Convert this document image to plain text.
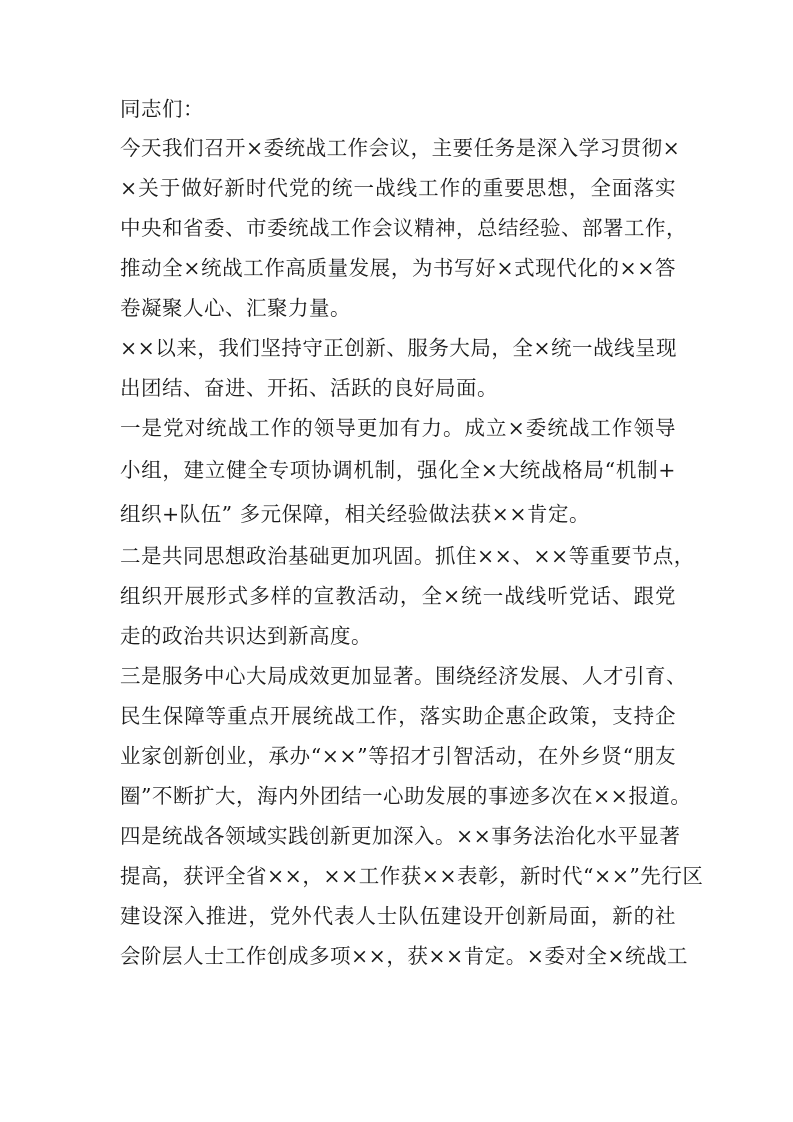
同志们：
今天我们召开×委统战工作会议，主要任务是深入学习贯彻×
×关于做好新时代党的统一战线工作的重要思想，全面落实
中央和省委、市委统战工作会议精神，总结经验、部署工作，
推动全×统战工作高质量发展，为书写好×式现代化的××答
卷凝聚人心、汇聚力量。
××以来，我们坚持守正创新、服务大局，全×统一战线呈现
出团结、奋进、开拓、活跃的良好局面。
一是党对统战工作的领导更加有力。成立×委统战工作领导
小组，建立健全专项协调机制，强化全×大统战格局“机制+
组织+队伍” 多元保障，相关经验做法获××肯定。
二是共同思想政治基础更加巩固。抓住××、××等重要节点，
组织开展形式多样的宣教活动，全×统一战线听党话、跟党
走的政治共识达到新高度。
三是服务中心大局成效更加显著。围绕经济发展、人才引育、
民生保障等重点开展统战工作，落实助企惠企政策，支持企
业家创新创业，承办“××”等招才引智活动，在外乡贤“朋友
圈”不断扩大，海内外团结一心助发展的事迹多次在××报道。
四是统战各领域实践创新更加深入。××事务法治化水平显著
提高，获评全省××，××工作获××表彰，新时代“××”先行区
建设深入推进，党外代表人士队伍建设开创新局面，新的社
会阶层人士工作创成多项××，获××肯定。×委对全×统战工
